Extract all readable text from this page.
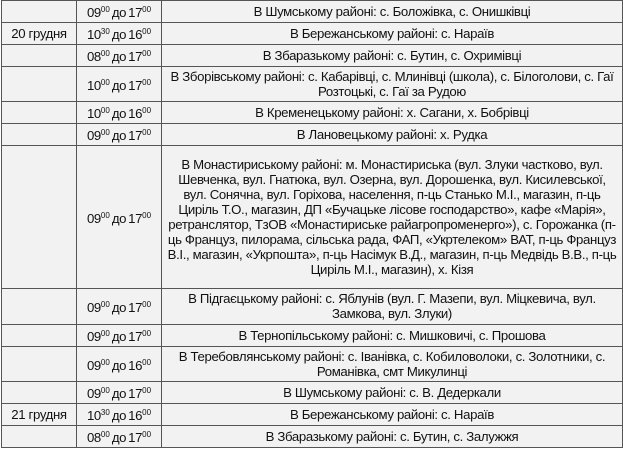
	$09^{00}$ до $17^{00}$	В Шумському районі: с. Боложівка, с. Онишківці
20 грудня	$10^{30}$ до $16^{00}$	В Бережанському районі: с. Нараїв
	$08^{00}$ до $17^{00}$	В Збаразькому районі: с. Бутин, с. Охримівці
	$10^{00}$ до $17^{00}$	В Зборівському районі: с. Кабарівці, с. Млинівці (школа), с. Білоголови, с. Гаї Розтоцькі, с. Гаї за Рудою
	$10^{00}$ до $16^{00}$	В Кременецькому районі: х. Сагани, х. Бобрівці
	$09^{00}$ до $17^{00}$	В Лановецькому районі: х. Рудка
	$09^{00}$ до $17^{00}$	В Монастириському районі: м. Монастириська (вул. Злуки частково, вул. Шевченка, вул. Гнатюка, вул. Озерна, вул. Дорошенка, вул. Кисилевської, вул. Сонячна, вул. Горіхова, населення, п-ць Станько М.І., магазин, п-ць Циріль Т.О., магазин, ДП «Бучацьке лісове господарство», кафе «Марія», ретранслятор, ТзОВ «Монастириське райагропроменерго»), с. Горожанка (п-ць Француз, пилорама, сільська рада, ФАП, «Укртелеком» ВАТ, п-ць Француз В.І., магазин, «Укрпошта», п-ць Насімук В.Д., магазин, п-ць Медвідь В.В., п-ць Циріль М.І., магазин), х. Кізя
	$09^{00}$ до $17^{00}$	В Підгаєцькому районі: с. Яблунів (вул. Г. Мазепи, вул. Міцкевича, вул. Замкова, вул. Злуки)
	$09^{00}$ до $17^{00}$	В Тернопільському районі: с. Мишковичі, с. Прошова
	$09^{00}$ до $16^{00}$	В Теребовлянському районі: с. Іванівка, с. Кобиловолоки, с. Золотники, с. Романівка, смт Микулинці
	$09^{00}$ до $17^{00}$	В Шумському районі: с. В. Дедеркали
21 грудня	$10^{30}$ до $16^{00}$	В Бережанському районі: с. Нараїв
	$08^{00}$ до $17^{00}$	В Збаразькому районі: с. Бутин, с. Залужжя
